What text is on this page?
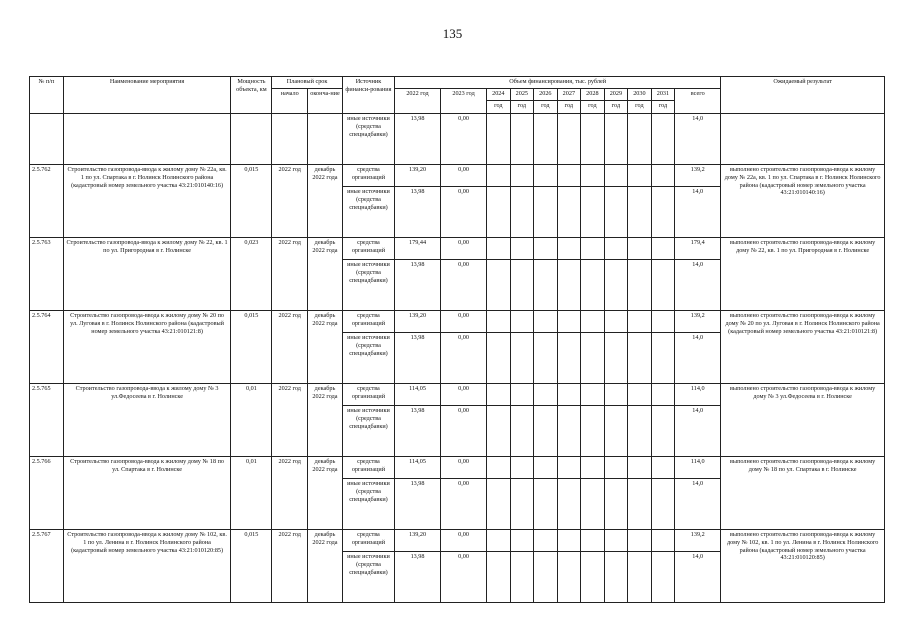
135
№ п/п	Наименование мероприятия	Мощность объекта, км	Плановый срок		Источник финанси-рования	Объем финансирования, тыс. рублей											Ожидаемый результат
			начало	оконча-ние		2022 год	2023 год	2024	2025	2026	2027	2028	2029	2030	2031	всего	
								год	год	год	год	год	год	год	год		
					иные источники (средства спецнадбавки)	13,98	0,00									14,0	
2.5.762	Строительство газопровода-ввода к жилому дому № 22а, кв. 1 по ул. Спартака в г. Нолинск Нолинского района (кадастровый номер земельного участка 43:21:010140:16)	0,015	2022 год	декабрь 2022 года	средства организаций	139,20	0,00									139,2	выполнено строительство газопровода-ввода к жилому дому № 22а, кв. 1 по ул. Спартака в г. Нолинск Нолинского района (кадастровый номер земельного участка 43:21:010140:16)
					иные источники (средства спецнадбавки)	13,98	0,00									14,0	
2.5.763	Строительство газопровода-ввода к жилому дому № 22, кв. 1 по ул. Пригородная в г. Нолинске	0,023	2022 год	декабрь 2022 года	средства организаций	179,44	0,00									179,4	выполнено строительство газопровода-ввода к жилому дому № 22, кв. 1 по ул. Пригородная в г. Нолинске
					иные источники (средства спецнадбавки)	13,98	0,00									14,0	
2.5.764	Строительство газопровода-ввода к жилому дому № 20 по ул. Луговая в г. Нолинск Нолинского района (кадастровый номер земельного участка 43:21:010121:8)	0,015	2022 год	декабрь 2022 года	средства организаций	139,20	0,00									139,2	выполнено строительство газопровода-ввода к жилому дому № 20 по ул. Луговая в г. Нолинск Нолинского района (кадастровый номер земельного участка 43:21:010121:8)
					иные источники (средства спецнадбавки)	13,98	0,00									14,0	
2.5.765	Строительство газопровода-ввода к жилому дому № 3 ул.Федосеева в г. Нолинске	0,01	2022 год	декабрь 2022 года	средства организаций	114,05	0,00									114,0	выполнено строительство газопровода-ввода к жилому дому № 3 ул.Федосеева в г. Нолинске
					иные источники (средства спецнадбавки)	13,98	0,00									14,0	
2.5.766	Строительство газопровода-ввода к жилому дому № 18 по ул. Спартака в г. Нолинске	0,01	2022 год	декабрь 2022 года	средства организаций	114,05	0,00									114,0	выполнено строительство газопровода-ввода к жилому дому № 18 по ул. Спартака в г. Нолинске
					иные источники (средства спецнадбавки)	13,98	0,00									14,0	
2.5.767	Строительство газопровода-ввода к жилому дому № 102, кв. 1 по ул. Ленина в г. Нолинск Нолинского района (кадастровый номер земельного участка 43:21:010120:85)	0,015	2022 год	декабрь 2022 года	средства организаций	139,20	0,00									139,2	выполнено строительство газопровода-ввода к жилому дому № 102, кв. 1 по ул. Ленина в г. Нолинск Нолинского района (кадастровый номер земельного участка 43:21:010120:85)
					иные источники (средства спецнадбавки)	13,98	0,00									14,0	
